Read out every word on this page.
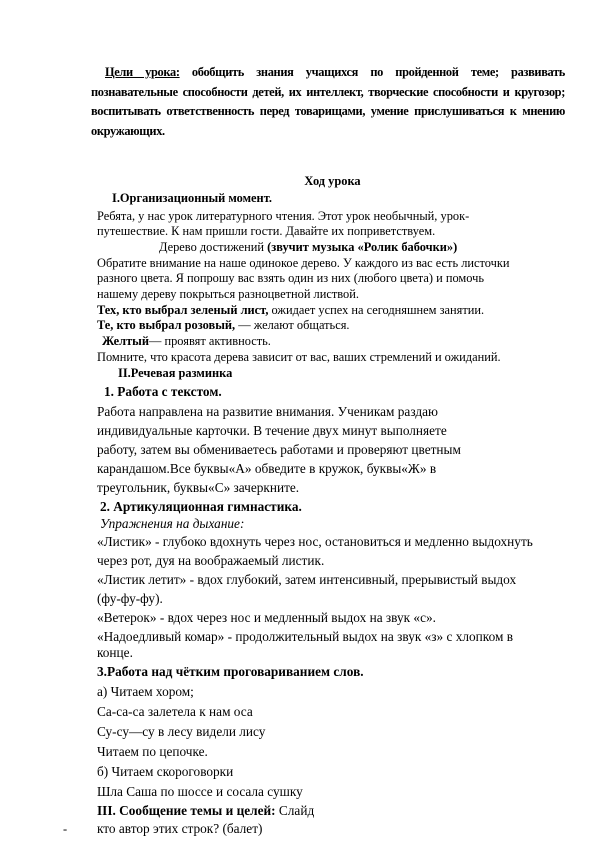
Цели урока: обобщить знания учащихся по пройденной теме; развивать познавательные способности детей, их интеллект, творческие способности и кругозор; воспитывать ответственность перед товарищами, умение прислушиваться к мнению окружающих.
Ход урока
I.Организационный момент.
Ребята, у нас урок литературного чтения. Этот урок необычный, урок-
путешествие. К нам пришли гости. Давайте их поприветствуем.
Дерево достижений (звучит музыка «Ролик бабочки»)
Обратите внимание на наше одинокое дерево. У каждого из вас есть листочки
разного цвета. Я попрошу вас взять один из них (любого цвета) и помочь
нашему дереву покрыться разноцветной листвой.
Тех, кто выбрал зеленый лист, ожидает успех на сегодняшнем занятии.
Те, кто выбрал розовый, — желают общаться.
Желтый— проявят активность.
Помните, что красота дерева зависит от вас, ваших стремлений и ожиданий.
II.Речевая разминка
1. Работа с текстом.
Работа направлена на развитие внимания. Ученикам раздаю
индивидуальные карточки. В течение двух минут выполняете
работу, затем вы обмениваетесь работами и проверяют цветным
карандашом.Все буквы«А» обведите в кружок, буквы«Ж» в
треугольник, буквы«С» зачеркните.
2. Артикуляционная гимнастика.
Упражнения на дыхание:
«Листик» - глубоко вдохнуть через нос, остановиться и медленно выдохнуть
через рот, дуя на воображаемый листик.
«Листик летит» - вдох глубокий, затем интенсивный, прерывистый выдох
(фу-фу-фу).
«Ветерок» - вдох через нос и медленный выдох на звук «с».
«Надоедливый комар» - продолжительный выдох на звук «з» с хлопком в
конце.
3.Работа над чётким проговариванием слов.
а) Читаем хором;
Са-са-са залетела к нам оса
Су-су—су в лесу видели лису
Читаем по цепочке.
б) Читаем скороговорки
Шла Саша по шоссе и сосала сушку
III. Сообщение темы и целей: Слайд
- кто автор этих строк? (балет)
